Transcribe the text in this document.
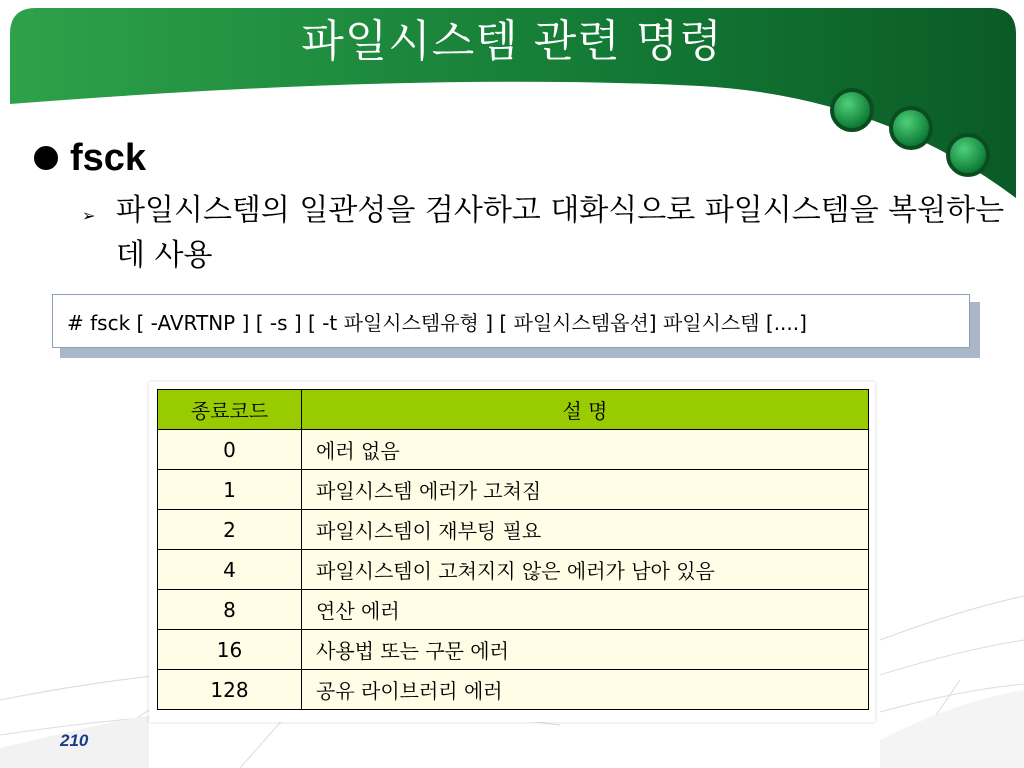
파일시스템 관련 명령
fsck
➢ 파일시스템의 일관성을 검사하고 대화식으로 파일시스템을 복원하는데 사용
# fsck [ -AVRTNP ] [ -s ] [ -t 파일시스템유형 ] [ 파일시스템옵션] 파일시스템 [....]
종료코드	설 명
0	에러 없음
1	파일시스템 에러가 고쳐짐
2	파일시스템이 재부팅 필요
4	파일시스템이 고쳐지지 않은 에러가 남아 있음
8	연산 에러
16	사용법 또는 구문 에러
128	공유 라이브러리 에러
210
